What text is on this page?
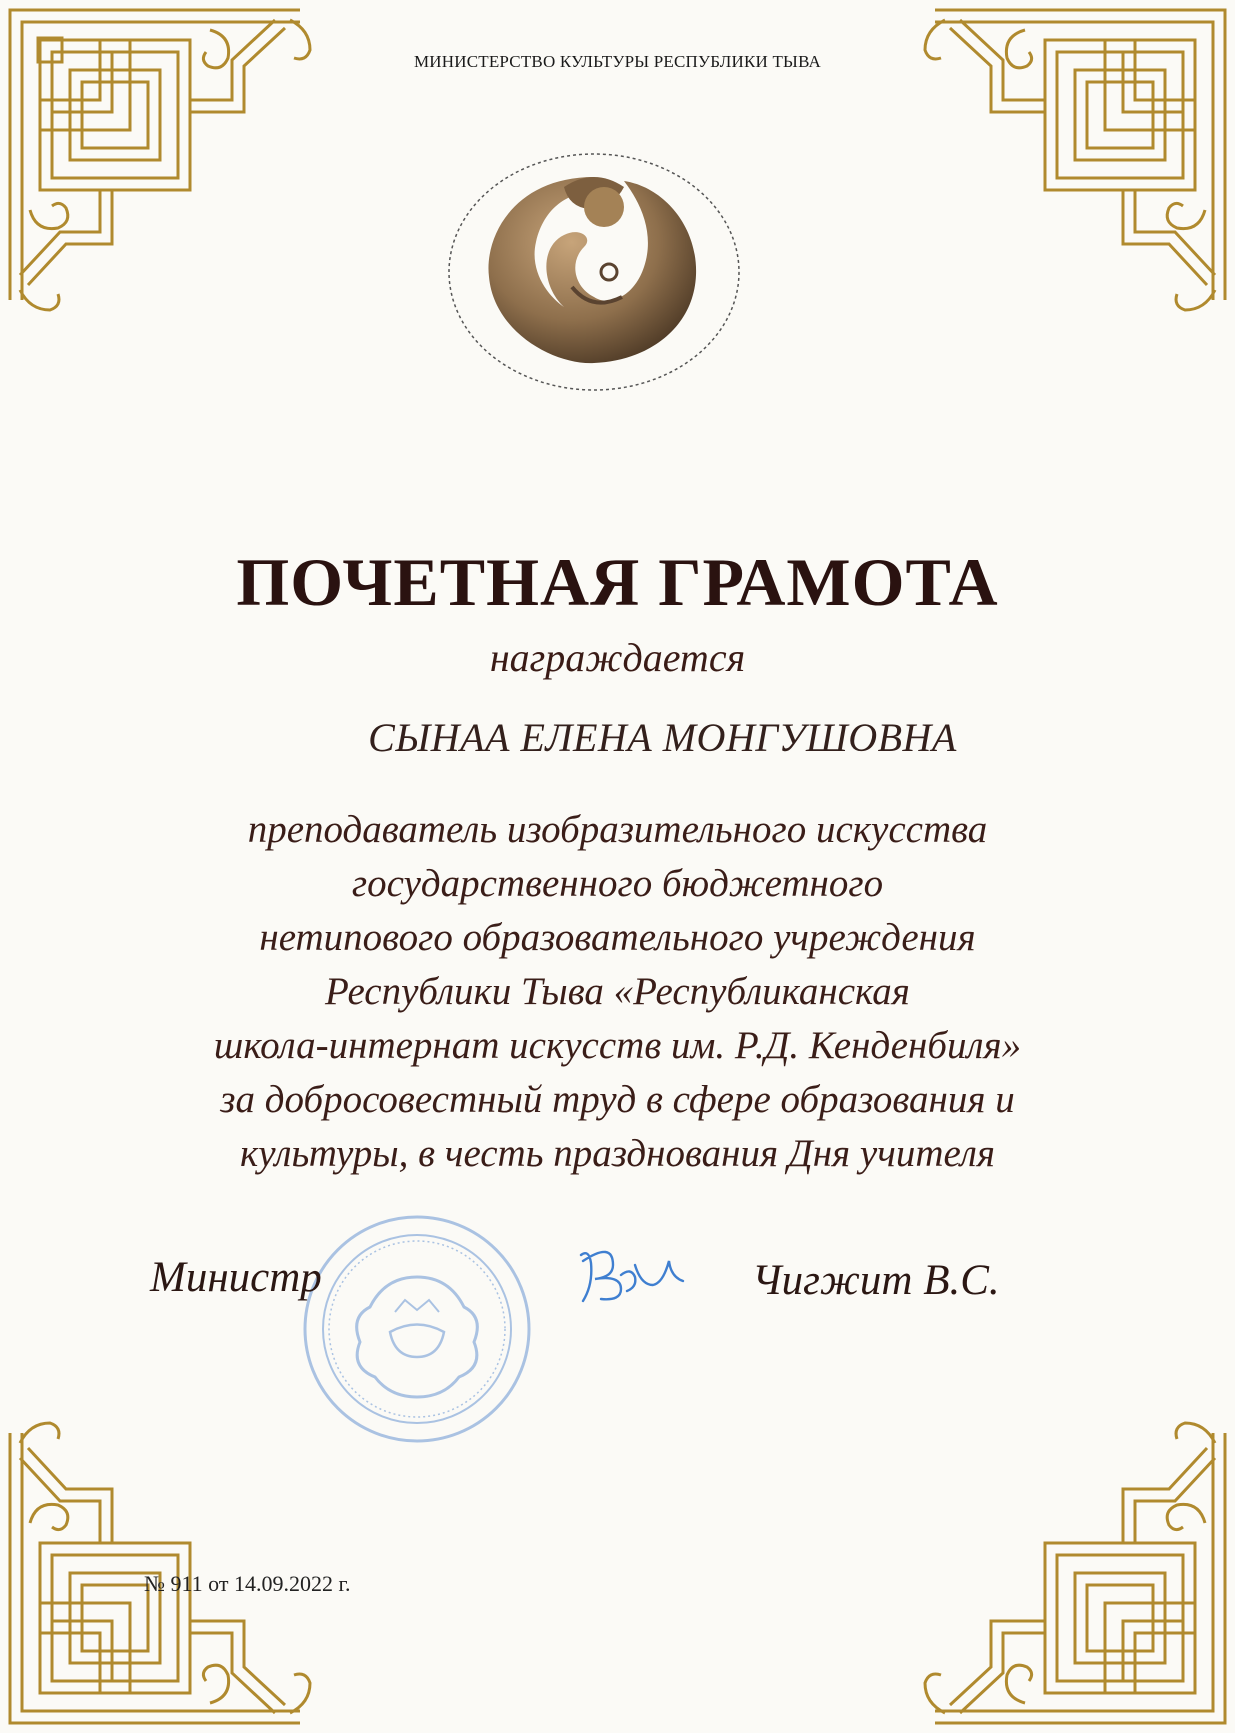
МИНИСТЕРСТВО КУЛЬТУРЫ РЕСПУБЛИКИ ТЫВА
ПОЧЕТНАЯ ГРАМОТА
награждается
СЫНАА ЕЛЕНА МОНГУШОВНА
преподаватель изобразительного искусства
государственного бюджетного
нетипового образовательного учреждения
Республики Тыва «Республиканская
школа-интернат искусств им. Р.Д. Кенденбиля»
за добросовестный труд в сфере образования и
культуры, в честь празднования Дня учителя
Министр	Чигжит В.С.
№ 911 от 14.09.2022 г.
